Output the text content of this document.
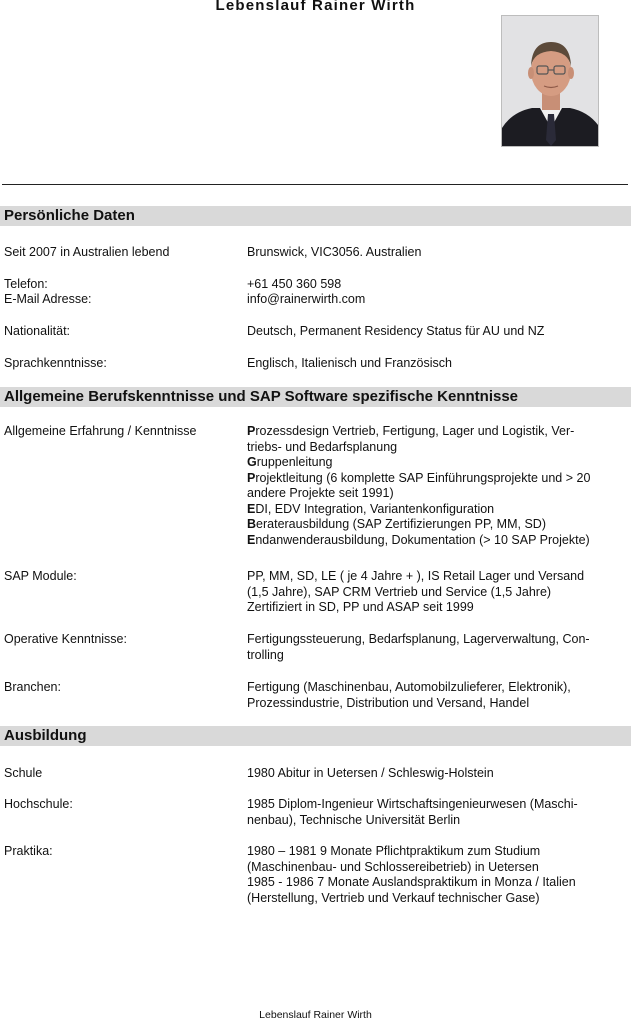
Lebenslauf Rainer Wirth
Persönliche Daten
Seit 2007 in Australien lebend	Brunswick, VIC3056. Australien
Telefon:	+61 450 360 598
E-Mail Adresse:	info@rainerwirth.com
Nationalität:	Deutsch, Permanent Residency Status für AU und NZ
Sprachkenntnisse:	Englisch, Italienisch und Französisch
Allgemeine Berufskenntnisse und SAP Software spezifische Kenntnisse
Allgemeine Erfahrung / Kenntnisse	Prozessdesign Vertrieb, Fertigung, Lager und Logistik, Ver-
triebs- und Bedarfsplanung
Gruppenleitung
Projektleitung (6 komplette SAP Einführungsprojekte und > 20
andere Projekte seit 1991)
EDI, EDV Integration, Variantenkonfiguration
Beraterausbildung (SAP Zertifizierungen PP, MM, SD)
Endanwenderausbildung, Dokumentation (> 10 SAP Projekte)
SAP Module:	PP, MM, SD, LE ( je 4 Jahre + ), IS Retail Lager und Versand
(1,5 Jahre), SAP CRM Vertrieb und Service (1,5 Jahre)
Zertifiziert in SD, PP und ASAP seit 1999
Operative Kenntnisse:	Fertigungssteuerung, Bedarfsplanung, Lagerverwaltung, Con-
trolling
Branchen:	Fertigung (Maschinenbau, Automobilzulieferer, Elektronik),
Prozessindustrie, Distribution und Versand, Handel
Ausbildung
Schule	1980 Abitur in Uetersen / Schleswig-Holstein
Hochschule:	1985 Diplom-Ingenieur Wirtschaftsingenieurwesen (Maschi-
nenbau), Technische Universität Berlin
Praktika:	1980 – 1981 9 Monate Pflichtpraktikum zum Studium
(Maschinenbau- und Schlossereibetrieb) in Uetersen
1985 - 1986 7 Monate Auslandspraktikum in Monza / Italien
(Herstellung, Vertrieb und Verkauf technischer Gase)
Lebenslauf Rainer Wirth
